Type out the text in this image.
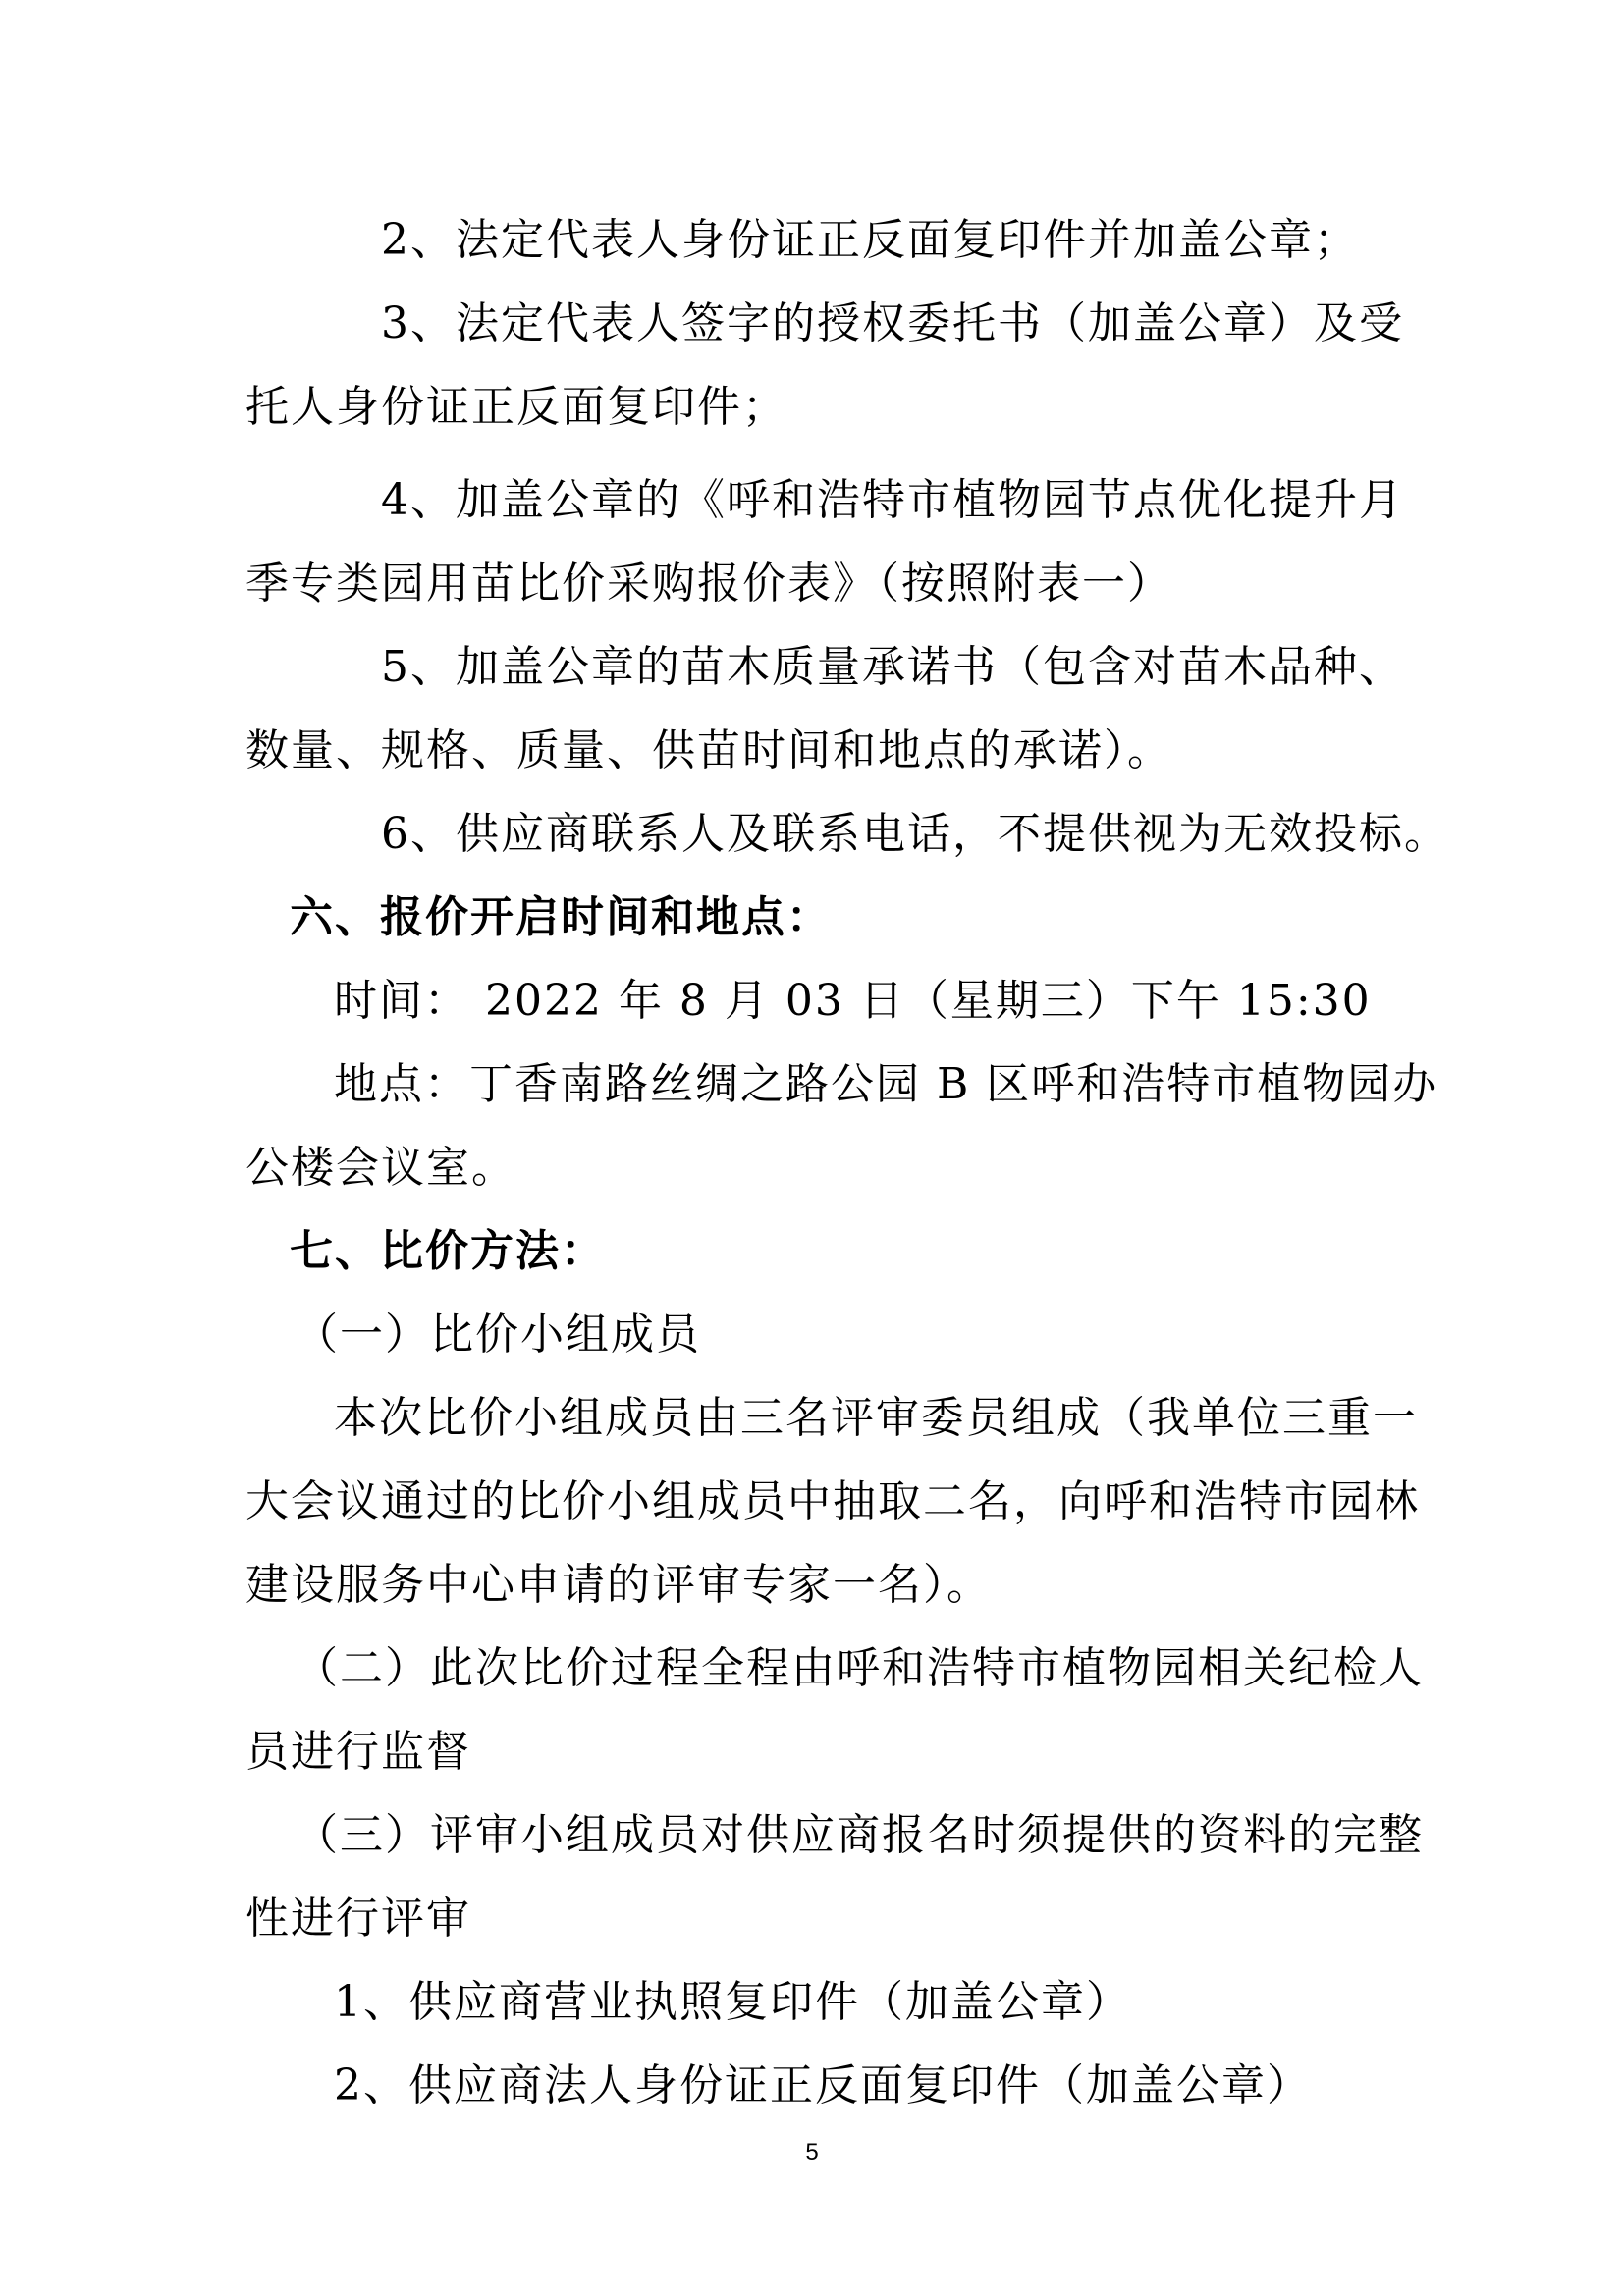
2、法定代表人身份证正反面复印件并加盖公章；
3、法定代表人签字的授权委托书（加盖公章）及受
托人身份证正反面复印件；
4、加盖公章的《呼和浩特市植物园节点优化提升月
季专类园用苗比价采购报价表》（按照附表一）
5、加盖公章的苗木质量承诺书（包含对苗木品种、
数量、规格、质量、供苗时间和地点的承诺）。
6、供应商联系人及联系电话，不提供视为无效投标。
六、报价开启时间和地点：
时间： 2022 年 8 月 03 日（星期三）下午 15:30
地点：丁香南路丝绸之路公园 B 区呼和浩特市植物园办
公楼会议室。
七、比价方法：
（一）比价小组成员
本次比价小组成员由三名评审委员组成（我单位三重一
大会议通过的比价小组成员中抽取二名，向呼和浩特市园林
建设服务中心申请的评审专家一名）。
（二）此次比价过程全程由呼和浩特市植物园相关纪检人
员进行监督
（三）评审小组成员对供应商报名时须提供的资料的完整
性进行评审
1、供应商营业执照复印件（加盖公章）
2、供应商法人身份证正反面复印件（加盖公章）
5
